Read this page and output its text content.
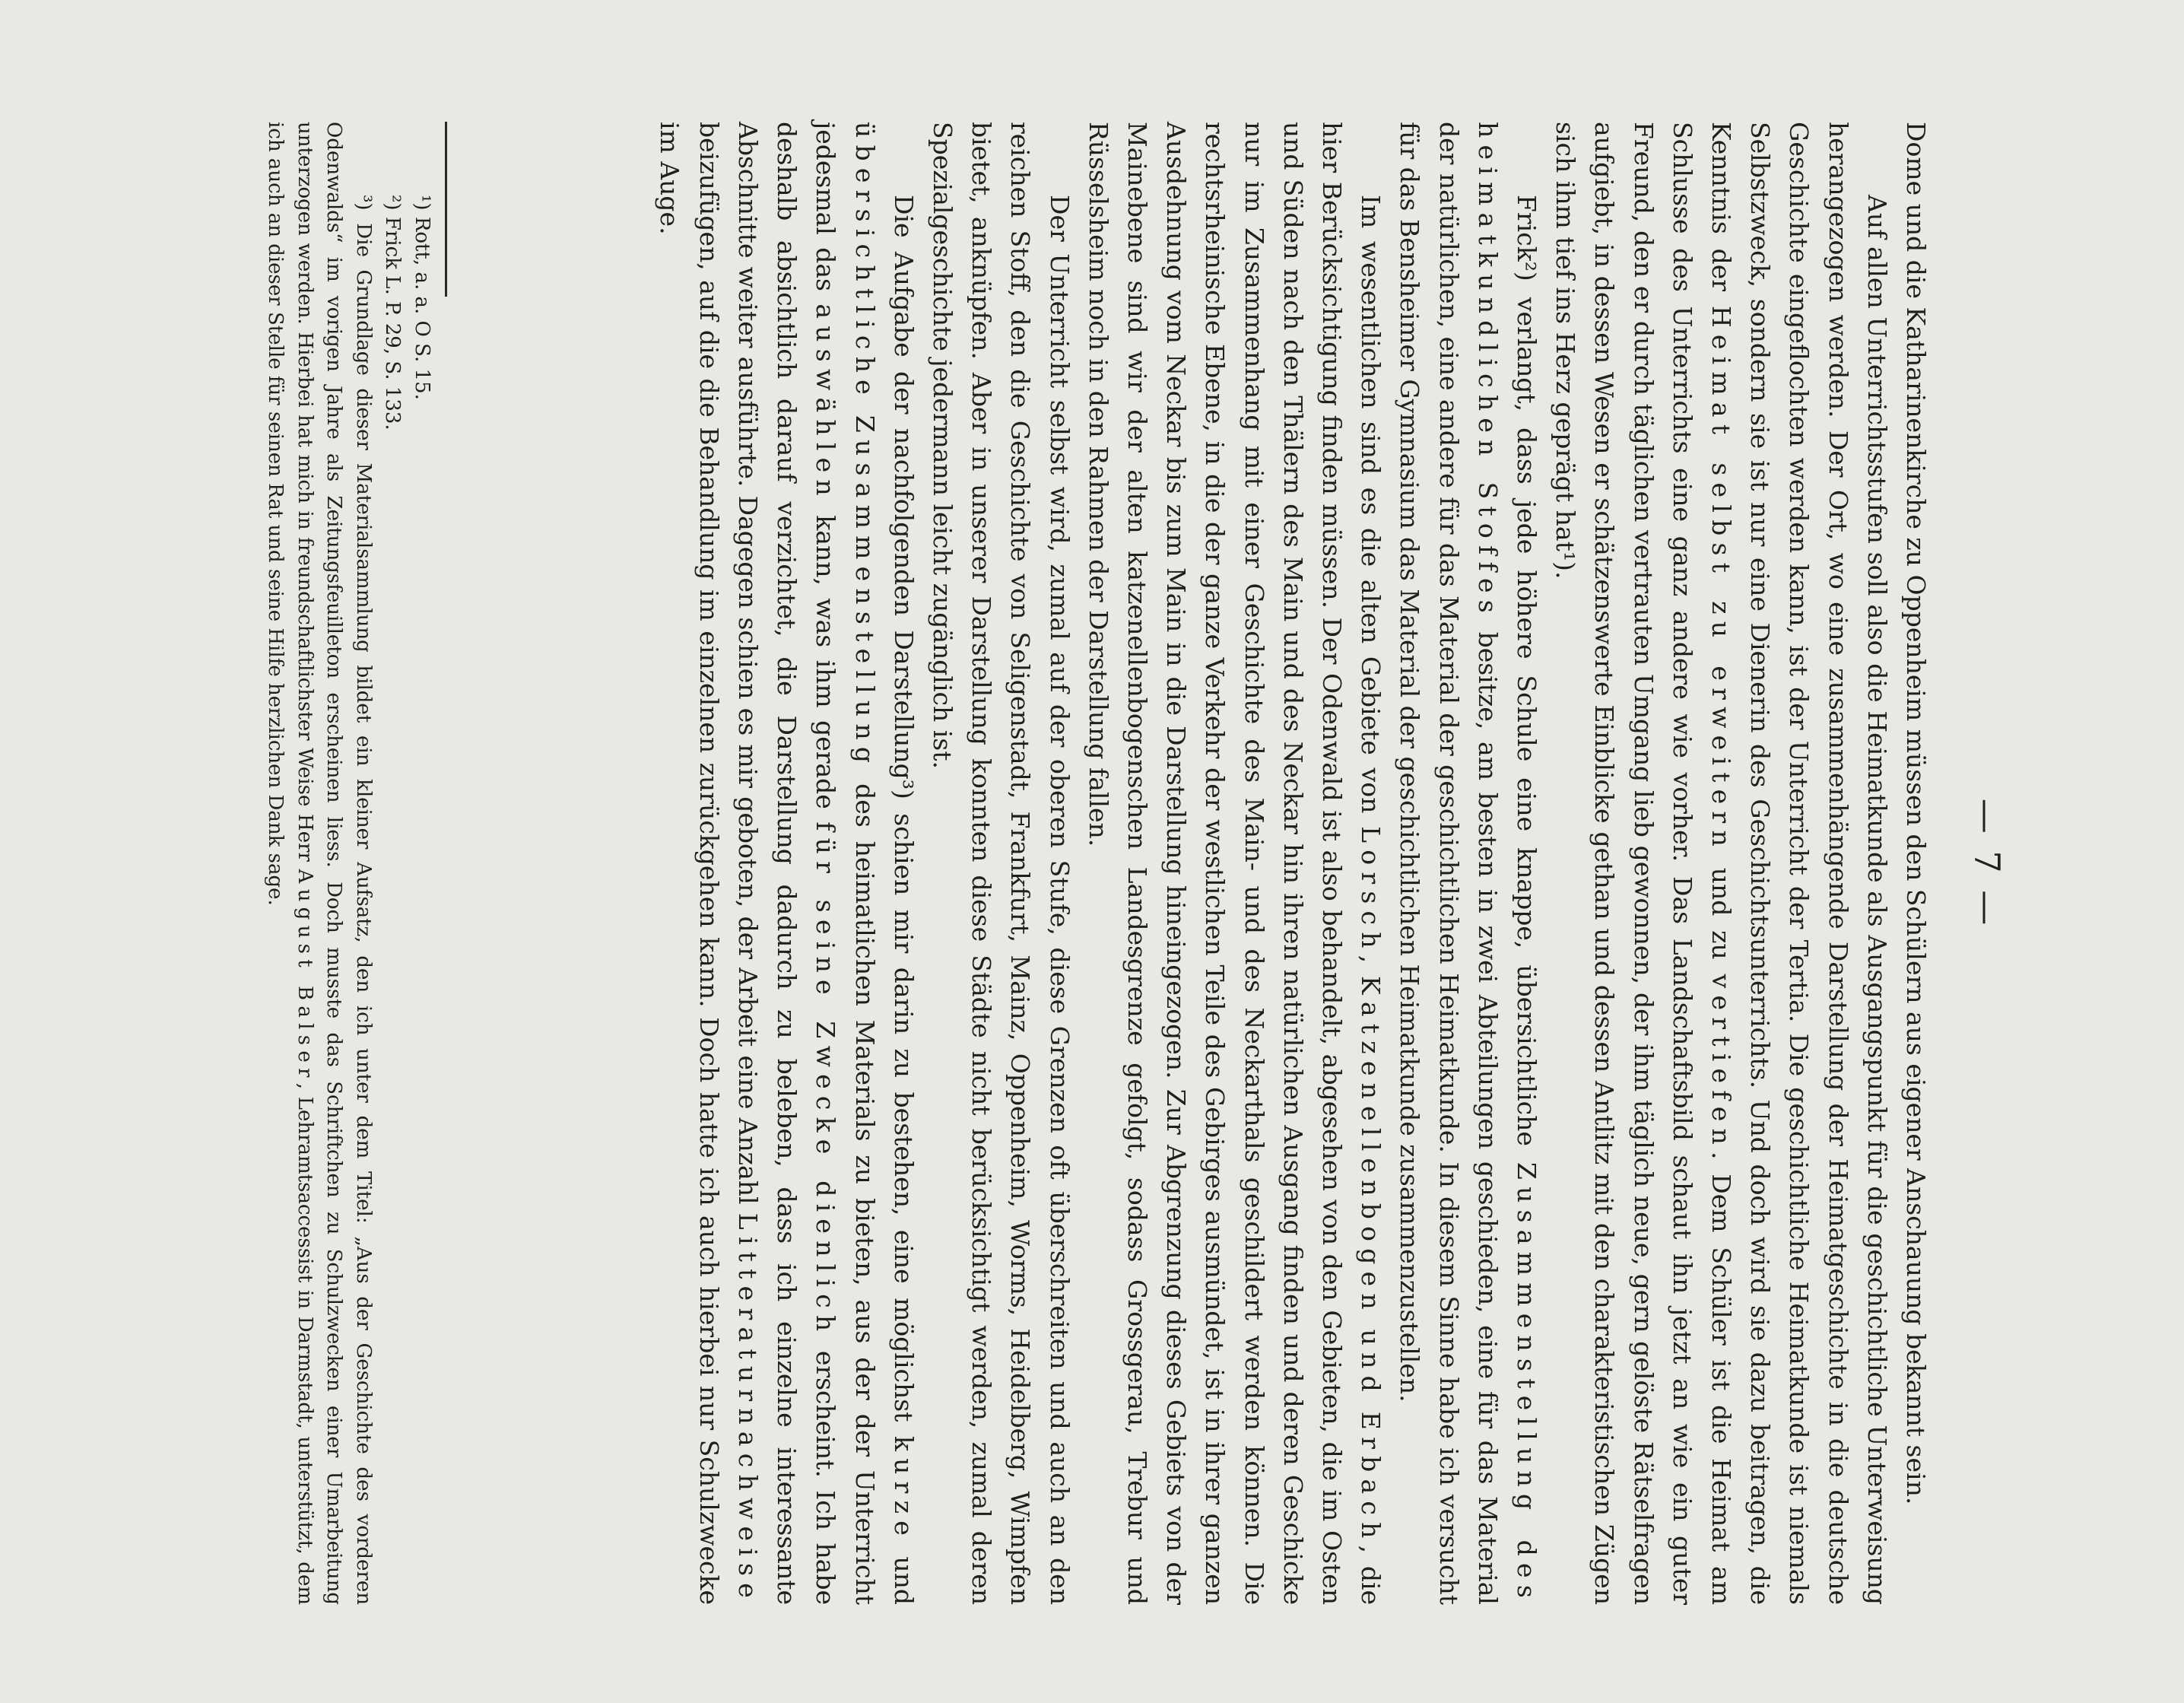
— 7 —

Dome und die Katharinenkirche zu Oppenheim müssen den Schülern aus eigener Anschauung bekannt sein.

Auf allen Unterrichtsstufen soll also die Heimatkunde als Ausgangspunkt für die geschichtliche Unterweisung herangezogen werden. Der Ort, wo eine zusammenhängende Darstellung der Heimatgeschichte in die deutsche Geschichte eingeflochten werden kann, ist der Unterricht der Tertia. Die geschichtliche Heimatkunde ist niemals Selbstzweck, sondern sie ist nur eine Dienerin des Geschichtsunterrichts. Und doch wird sie dazu beitragen, die Kenntnis der Heimat selbst zu erweitern und zu vertiefen. Dem Schüler ist die Heimat am Schlusse des Unterrichts eine ganz andere wie vorher. Das Landschaftsbild schaut ihn jetzt an wie ein guter Freund, den er durch täglichen vertrauten Umgang lieb gewonnen, der ihm täglich neue, gern gelöste Rätselfragen aufgiebt, in dessen Wesen er schätzenswerte Einblicke gethan und dessen Antlitz mit den charakteristischen Zügen sich ihm tief ins Herz geprägt hat¹).

Frick²) verlangt, dass jede höhere Schule eine knappe, übersichtliche Zusammenstellung des heimatkundlichen Stoffes besitze, am besten in zwei Abteilungen geschieden, eine für das Material der natürlichen, eine andere für das Material der geschichtlichen Heimatkunde. In diesem Sinne habe ich versucht für das Bensheimer Gymnasium das Material der geschichtlichen Heimatkunde zusammenzustellen.

Im wesentlichen sind es die alten Gebiete von Lorsch, Katzenellenbogen und Erbach, die hier Berücksichtigung finden müssen. Der Odenwald ist also behandelt, abgesehen von den Gebieten, die im Osten und Süden nach den Thälern des Main und des Neckar hin ihren natürlichen Ausgang finden und deren Geschicke nur im Zusammenhang mit einer Geschichte des Main- und des Neckarthals geschildert werden können. Die rechtsrheinische Ebene, in die der ganze Verkehr der westlichen Teile des Gebirges ausmündet, ist in ihrer ganzen Ausdehnung vom Neckar bis zum Main in die Darstellung hineingezogen. Zur Abgrenzung dieses Gebiets von der Mainebene sind wir der alten katzenellenbogenschen Landesgrenze gefolgt, sodass Grossgerau, Trebur und Rüsselsheim noch in den Rahmen der Darstellung fallen.

Der Unterricht selbst wird, zumal auf der oberen Stufe, diese Grenzen oft überschreiten und auch an den reichen Stoff, den die Geschichte von Seligenstadt, Frankfurt, Mainz, Oppenheim, Worms, Heidelberg, Wimpfen bietet, anknüpfen. Aber in unserer Darstellung konnten diese Städte nicht berücksichtigt werden, zumal deren Spezialgeschichte jedermann leicht zugänglich ist.

Die Aufgabe der nachfolgenden Darstellung³) schien mir darin zu bestehen, eine möglichst kurze und übersichtliche Zusammenstellung des heimatlichen Materials zu bieten, aus der der Unterricht jedesmal das auswählen kann, was ihm gerade für seine Zwecke dienlich erscheint. Ich habe deshalb absichtlich darauf verzichtet, die Darstellung dadurch zu beleben, dass ich einzelne interessante Abschnitte weiter ausführte. Dagegen schien es mir geboten, der Arbeit eine Anzahl Litteraturnachweise beizufügen, auf die die Behandlung im einzelnen zurückgehen kann. Doch hatte ich auch hierbei nur Schulzwecke im Auge.

¹) Rott, a. a. O S. 15.

²) Frick L. P. 29, S. 133.

³) Die Grundlage dieser Materialsammlung bildet ein kleiner Aufsatz, den ich unter dem Titel: „Aus der Geschichte des vorderen Odenwalds“ im vorigen Jahre als Zeitungsfeuilleton erscheinen liess. Doch musste das Schriftchen zu Schulzwecken einer Umarbeitung unterzogen werden. Hierbei hat mich in freundschaftlichster Weise Herr August Balser, Lehramtsaccessist in Darmstadt, unterstützt, dem ich auch an dieser Stelle für seinen Rat und seine Hilfe herzlichen Dank sage.
